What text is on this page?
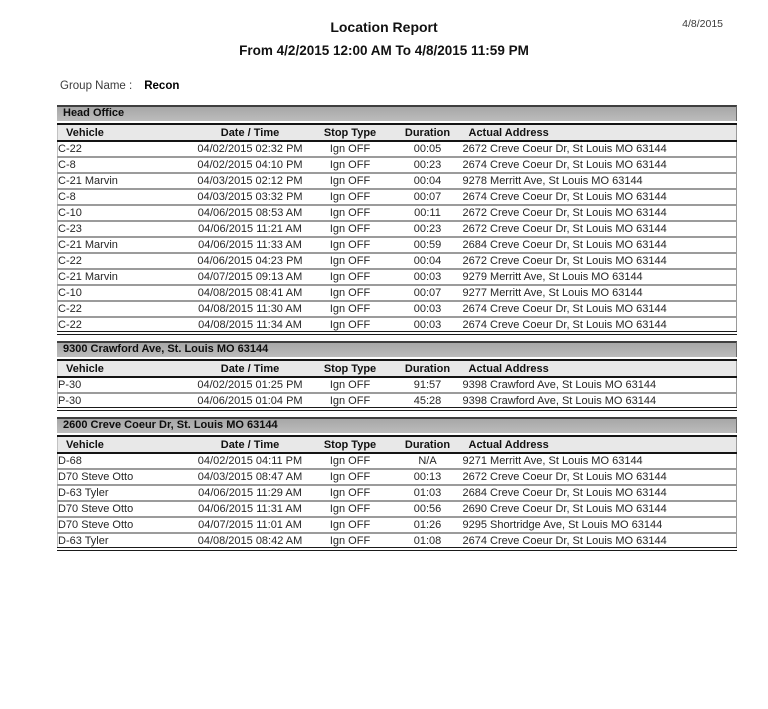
4/8/2015
Location Report
From 4/2/2015 12:00 AM To 4/8/2015 11:59 PM
Group Name : Recon
Head Office
Vehicle	Date / Time	Stop Type	Duration	Actual Address
C-22	04/02/2015 02:32 PM	Ign OFF	00:05	2672 Creve Coeur Dr, St Louis MO 63144
C-8	04/02/2015 04:10 PM	Ign OFF	00:23	2674 Creve Coeur Dr, St Louis MO 63144
C-21 Marvin	04/03/2015 02:12 PM	Ign OFF	00:04	9278 Merritt Ave, St Louis MO 63144
C-8	04/03/2015 03:32 PM	Ign OFF	00:07	2674 Creve Coeur Dr, St Louis MO 63144
C-10	04/06/2015 08:53 AM	Ign OFF	00:11	2672 Creve Coeur Dr, St Louis MO 63144
C-23	04/06/2015 11:21 AM	Ign OFF	00:23	2672 Creve Coeur Dr, St Louis MO 63144
C-21 Marvin	04/06/2015 11:33 AM	Ign OFF	00:59	2684 Creve Coeur Dr, St Louis MO 63144
C-22	04/06/2015 04:23 PM	Ign OFF	00:04	2672 Creve Coeur Dr, St Louis MO 63144
C-21 Marvin	04/07/2015 09:13 AM	Ign OFF	00:03	9279 Merritt Ave, St Louis MO 63144
C-10	04/08/2015 08:41 AM	Ign OFF	00:07	9277 Merritt Ave, St Louis MO 63144
C-22	04/08/2015 11:30 AM	Ign OFF	00:03	2674 Creve Coeur Dr, St Louis MO 63144
C-22	04/08/2015 11:34 AM	Ign OFF	00:03	2674 Creve Coeur Dr, St Louis MO 63144
9300 Crawford Ave, St. Louis MO 63144
Vehicle	Date / Time	Stop Type	Duration	Actual Address
P-30	04/02/2015 01:25 PM	Ign OFF	91:57	9398 Crawford Ave, St Louis MO 63144
P-30	04/06/2015 01:04 PM	Ign OFF	45:28	9398 Crawford Ave, St Louis MO 63144
2600 Creve Coeur Dr, St. Louis MO 63144
Vehicle	Date / Time	Stop Type	Duration	Actual Address
D-68	04/02/2015 04:11 PM	Ign OFF	N/A	9271 Merritt Ave, St Louis MO 63144
D70 Steve Otto	04/03/2015 08:47 AM	Ign OFF	00:13	2672 Creve Coeur Dr, St Louis MO 63144
D-63 Tyler	04/06/2015 11:29 AM	Ign OFF	01:03	2684 Creve Coeur Dr, St Louis MO 63144
D70 Steve Otto	04/06/2015 11:31 AM	Ign OFF	00:56	2690 Creve Coeur Dr, St Louis MO 63144
D70 Steve Otto	04/07/2015 11:01 AM	Ign OFF	01:26	9295 Shortridge Ave, St Louis MO 63144
D-63 Tyler	04/08/2015 08:42 AM	Ign OFF	01:08	2674 Creve Coeur Dr, St Louis MO 63144
